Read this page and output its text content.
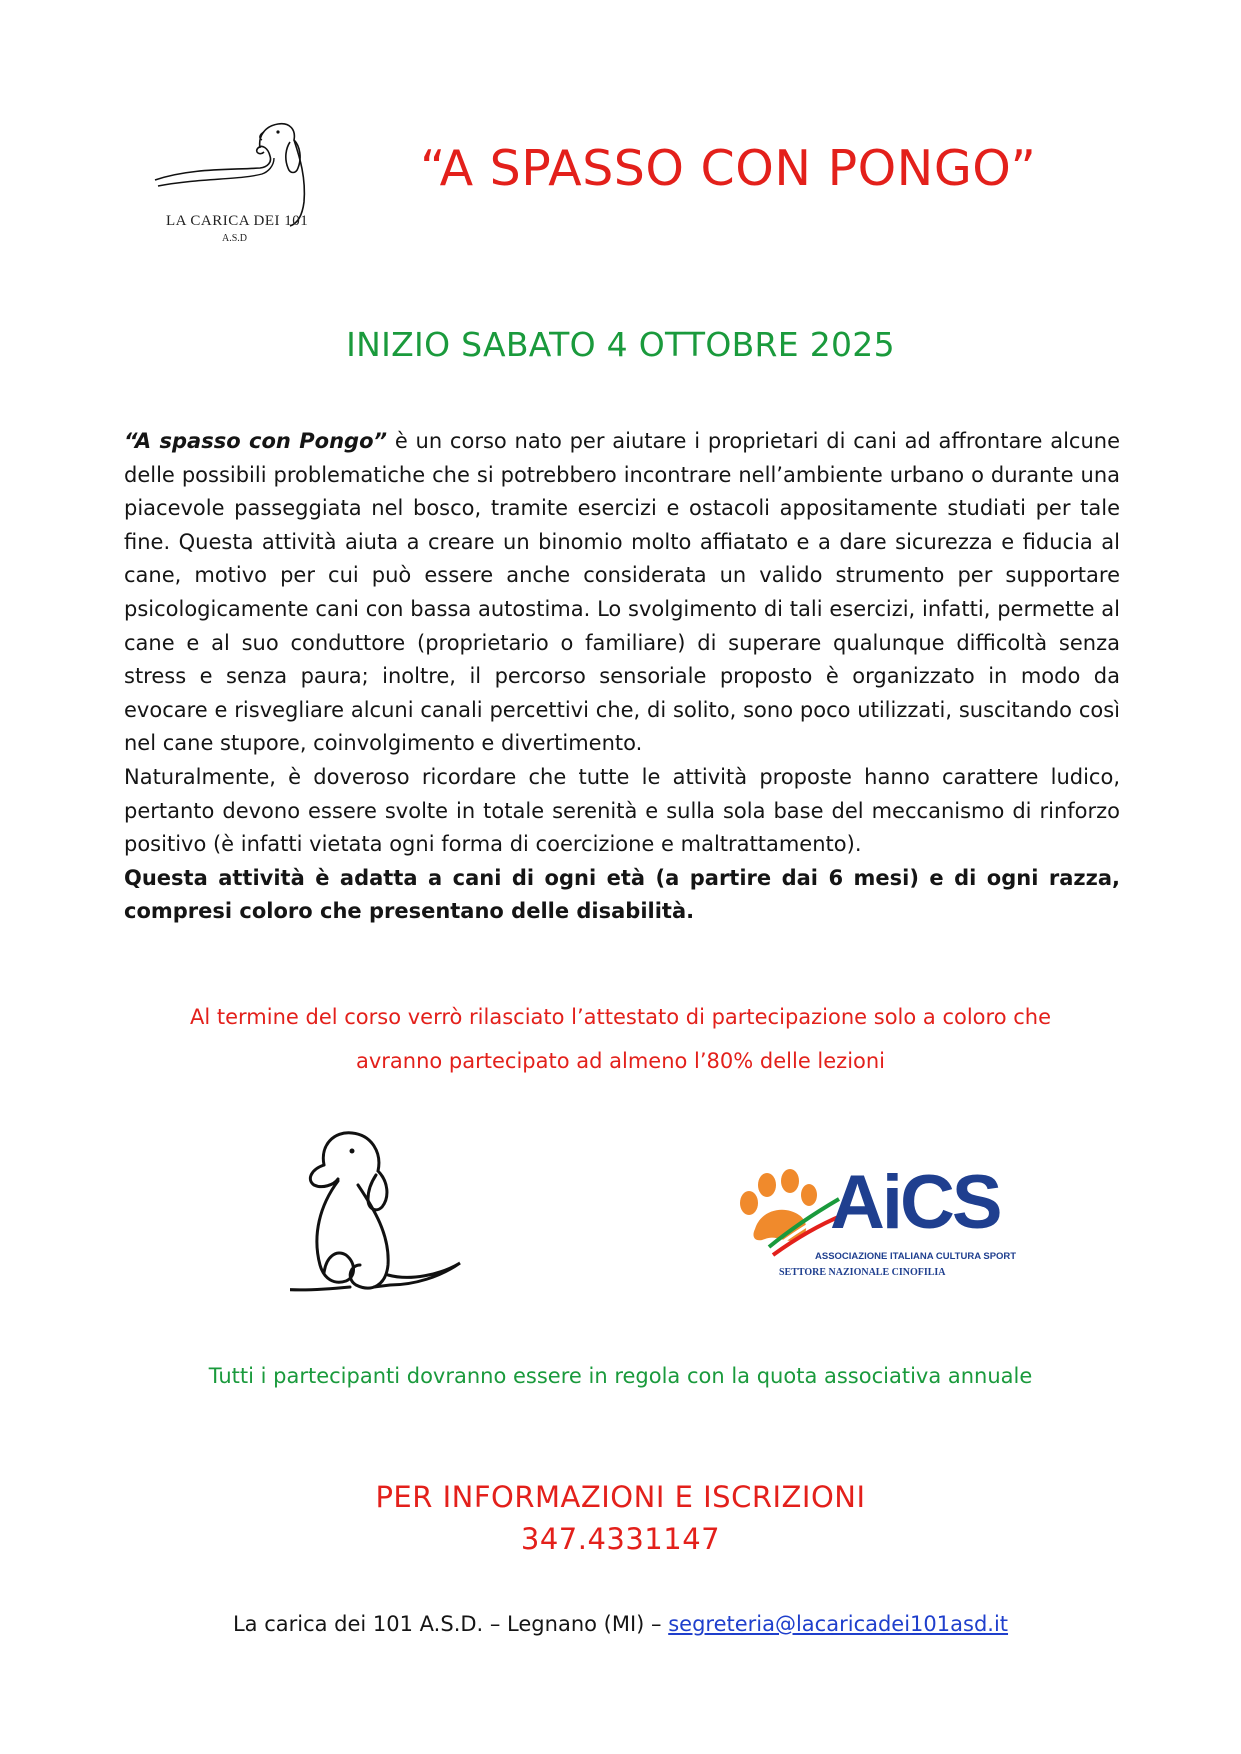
LA CARICA DEI 101
A.S.D
“A SPASSO CON PONGO”
INIZIO SABATO 4 OTTOBRE 2025

“A spasso con Pongo” è un corso nato per aiutare i proprietari di cani ad affrontare alcune delle possibili problematiche che si potrebbero incontrare nell’ambiente urbano o durante una piacevole passeggiata nel bosco, tramite esercizi e ostacoli appositamente studiati per tale fine. Questa attività aiuta a creare un binomio molto affiatato e a dare sicurezza e fiducia al cane, motivo per cui può essere anche considerata un valido strumento per supportare psicologicamente cani con bassa autostima. Lo svolgimento di tali esercizi, infatti, permette al cane e al suo conduttore (proprietario o familiare) di superare qualunque difficoltà senza stress e senza paura; inoltre, il percorso sensoriale proposto è organizzato in modo da evocare e risvegliare alcuni canali percettivi che, di solito, sono poco utilizzati, suscitando così nel cane stupore, coinvolgimento e divertimento.

Naturalmente, è doveroso ricordare che tutte le attività proposte hanno carattere ludico, pertanto devono essere svolte in totale serenità e sulla sola base del meccanismo di rinforzo positivo (è infatti vietata ogni forma di coercizione e maltrattamento).

Questa attività è adatta a cani di ogni età (a partire dai 6 mesi) e di ogni razza, compresi coloro che presentano delle disabilità.

Al termine del corso verrò rilasciato l’attestato di partecipazione solo a coloro che
avranno partecipato ad almeno l’80% delle lezioni
AiCS
ASSOCIAZIONE ITALIANA CULTURA SPORT
SETTORE NAZIONALE CINOFILIA
Tutti i partecipanti dovranno essere in regola con la quota associativa annuale
PER INFORMAZIONI E ISCRIZIONI
347.4331147
La carica dei 101 A.S.D. – Legnano (MI) – segreteria@lacaricadei101asd.it
